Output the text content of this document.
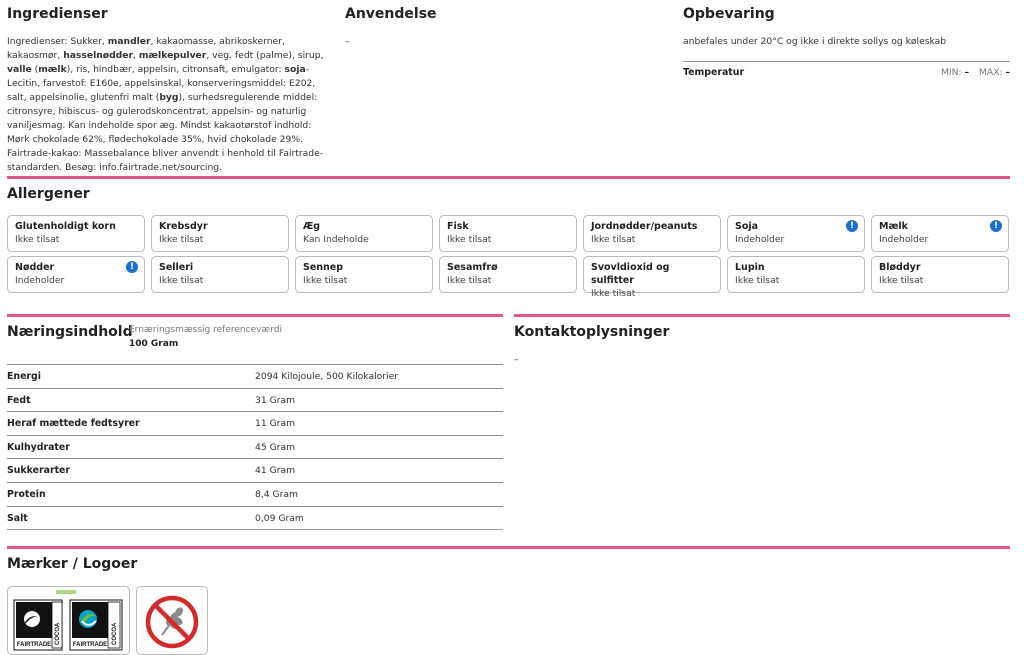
Ingredienser
Ingredienser: Sukker, mandler, kakaomasse, abrikoskerner, kakaosmør, hasselnødder, mælkepulver, veg. fedt (palme), sirup, valle (mælk), ris, hindbær, appelsin, citronsaft, emulgator: soja-Lecitin, farvestof: E160e, appelsinskal, konserveringsmiddel: E202, salt, appelsinolie, glutenfri malt (byg), surhedsregulerende middel: citronsyre, hibiscus- og gulerodskoncentrat, appelsin- og naturlig vaniljesmag. Kan indeholde spor æg. Mindst kakaotørstof indhold: Mørk chokolade 62%, flødechokolade 35%, hvid chokolade 29%. Fairtrade-kakao: Massebalance bliver anvendt i henhold til Fairtrade-standarden. Besøg: info.fairtrade.net/sourcing.
Anvendelse
–
Opbevaring
anbefales under 20°C og ikke i direkte sollys og køleskab
Temperatur	MIN: – MAX: –
Allergener
Glutenholdigt korn
Ikke tilsat
Krebsdyr
Ikke tilsat
Æg
Kan Indeholde
Fisk
Ikke tilsat
Jordnødder/peanuts
Ikke tilsat
Soja
Indeholder
!	Mælk
Indeholder
!
Nødder
Indeholder
!	Selleri
Ikke tilsat
Sennep
Ikke tilsat
Sesamfrø
Ikke tilsat
Svovldioxid og sulfitter
Ikke tilsat
Lupin
Ikke tilsat
Bløddyr
Ikke tilsat
Næringsindhold
Ernæringsmæssig referenceværdi
100 Gram
Energi	2094 Kilojoule, 500 Kilokalorier
Fedt	31 Gram
Heraf mættede fedtsyrer	11 Gram
Kulhydrater	45 Gram
Sukkerarter	41 Gram
Protein	8,4 Gram
Salt	0,09 Gram
Kontaktoplysninger
–
Mærker / Logoer
FAIRTRADE COCOA FAIRTRADE COCOA
